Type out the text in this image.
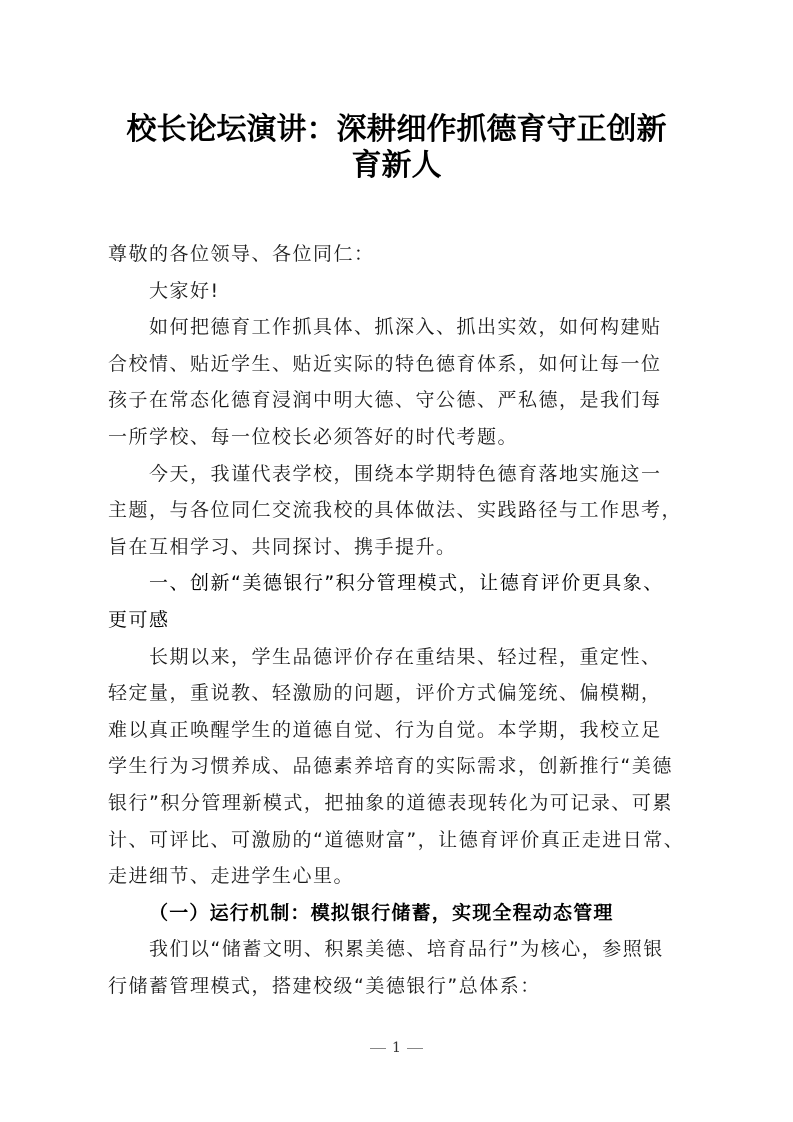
校长论坛演讲：深耕细作抓德育守正创新
育新人
尊敬的各位领导、各位同仁：
大家好!
如何把德育工作抓具体、抓深入、抓出实效，如何构建贴
合校情、贴近学生、贴近实际的特色德育体系，如何让每一位
孩子在常态化德育浸润中明大德、守公德、严私德，是我们每
一所学校、每一位校长必须答好的时代考题。
今天，我谨代表学校，围绕本学期特色德育落地实施这一
主题，与各位同仁交流我校的具体做法、实践路径与工作思考，
旨在互相学习、共同探讨、携手提升。
一、创新“美德银行”积分管理模式，让德育评价更具象、
更可感
长期以来，学生品德评价存在重结果、轻过程，重定性、
轻定量，重说教、轻激励的问题，评价方式偏笼统、偏模糊，
难以真正唤醒学生的道德自觉、行为自觉。本学期，我校立足
学生行为习惯养成、品德素养培育的实际需求，创新推行“美德
银行”积分管理新模式，把抽象的道德表现转化为可记录、可累
计、可评比、可激励的“道德财富”，让德育评价真正走进日常、
走进细节、走进学生心里。
（一）运行机制：模拟银行储蓄，实现全程动态管理
我们以“储蓄文明、积累美德、培育品行”为核心，参照银
行储蓄管理模式，搭建校级“美德银行”总体系：
1
